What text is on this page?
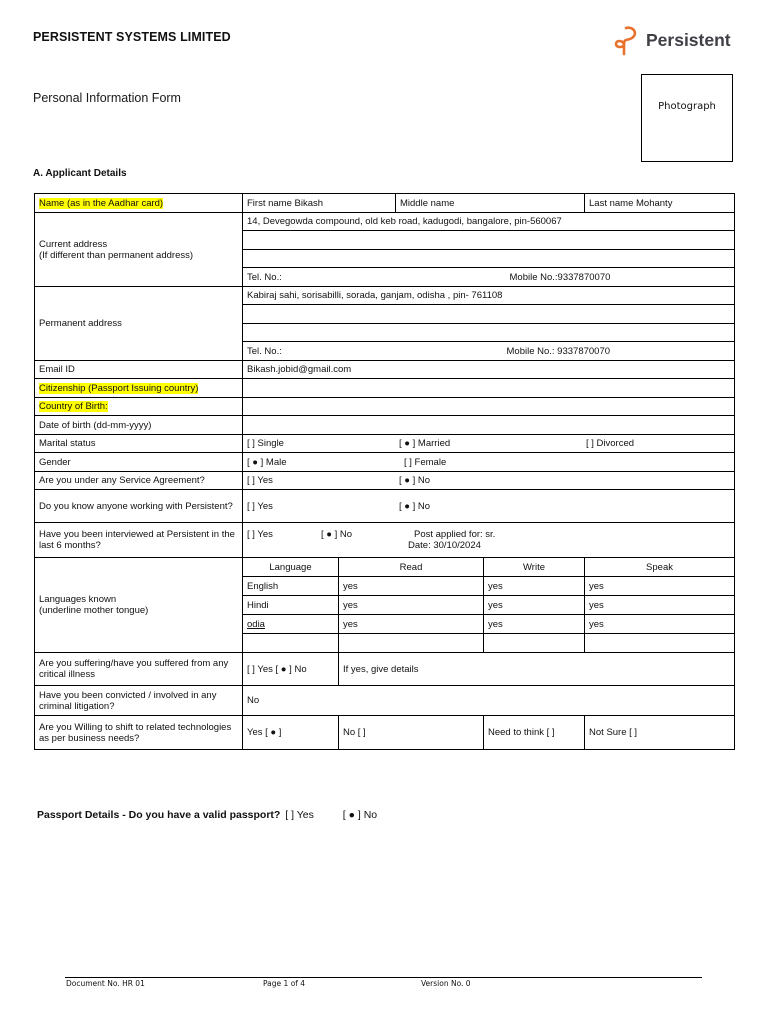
PERSISTENT SYSTEMS LIMITED	Persistent
Personal Information Form
Photograph
A. Applicant Details
Name (as in the Aadhar card)	First name Bikash		Middle name		Last name Mohanty	

Current address
(If different than permanent address)	14, Devegowda compound, old keb road, kadugodi, bangalore, pin-560067					

	Tel. No.: Mobile No.:9337870070					
Permanent address	Kabiraj sahi, sorisabilli, sorada, ganjam, odisha , pin- 761108					

	Tel. No.: Mobile No.: 9337870070					
Email ID	Bikash.jobid@gmail.com					
Citizenship (Passport Issuing country)						
Country of Birth:						
Date of birth (dd-mm-yyyy)						
Marital status	[ ] Single [ ● ] Married [ ] Divorced					
Gender	[ ● ] Male [ ] Female					
Are you under any Service Agreement?	[ ] Yes [ ● ] No					
Do you know anyone working with Persistent?	[ ] Yes [ ● ] No					
Have you been interviewed at Persistent in the last 6 months?	[ ] Yes [ ● ] No Post applied for: sr.
Date: 30/10/2024					

Languages known
(underline mother tongue)	Language	Read		Write	Speak	
	English	yes		yes	yes	
	Hindi	yes		yes	yes	
	odia	yes		yes	yes	

Are you suffering/have you suffered from any critical illness	[ ] Yes [ ● ] No	If yes, give details				
Have you been convicted / involved in any criminal litigation?	No					
Are you Willing to shift to related technologies as per business needs?	Yes [ ● ]	No [ ]		Need to think [ ]	Not Sure [ ]	
Passport Details - Do you have a valid passport? [ ] Yes	[ ● ] No
Document No. HR 01	Page 1 of 4	Version No. 0
